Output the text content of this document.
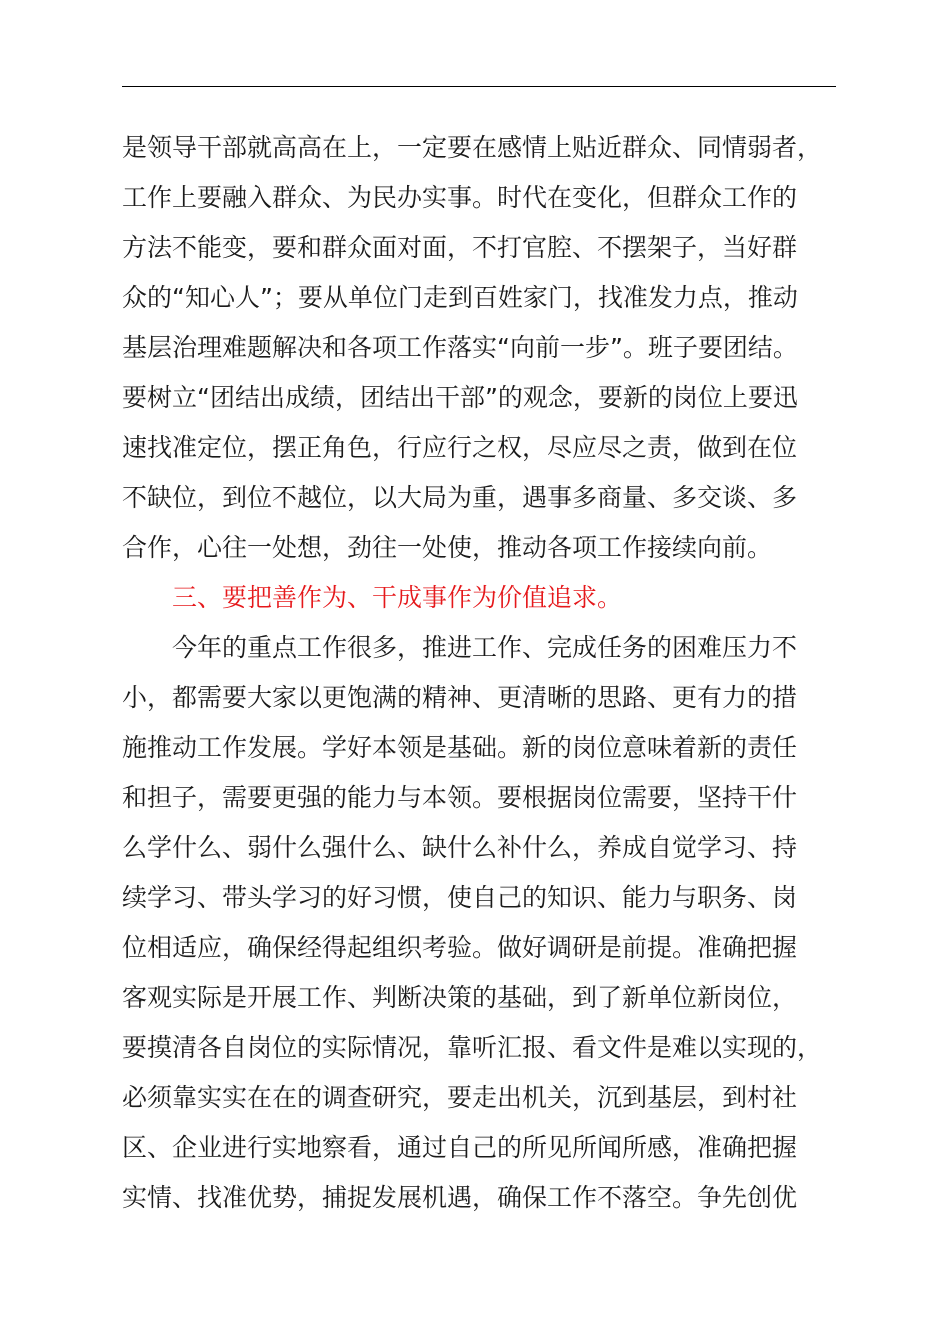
是领导干部就高高在上，一定要在感情上贴近群众、同情弱者，
工作上要融入群众、为民办实事。时代在变化，但群众工作的
方法不能变，要和群众面对面，不打官腔、不摆架子，当好群
众的“知心人”；要从单位门走到百姓家门，找准发力点，推动
基层治理难题解决和各项工作落实“向前一步”。班子要团结。
要树立“团结出成绩，团结出干部”的观念，要新的岗位上要迅
速找准定位，摆正角色，行应行之权，尽应尽之责，做到在位
不缺位，到位不越位，以大局为重，遇事多商量、多交谈、多
合作，心往一处想，劲往一处使，推动各项工作接续向前。
三、要把善作为、干成事作为价值追求。
今年的重点工作很多，推进工作、完成任务的困难压力不
小，都需要大家以更饱满的精神、更清晰的思路、更有力的措
施推动工作发展。学好本领是基础。新的岗位意味着新的责任
和担子，需要更强的能力与本领。要根据岗位需要，坚持干什
么学什么、弱什么强什么、缺什么补什么，养成自觉学习、持
续学习、带头学习的好习惯，使自己的知识、能力与职务、岗
位相适应，确保经得起组织考验。做好调研是前提。准确把握
客观实际是开展工作、判断决策的基础，到了新单位新岗位，
要摸清各自岗位的实际情况，靠听汇报、看文件是难以实现的，
必须靠实实在在的调查研究，要走出机关，沉到基层，到村社
区、企业进行实地察看，通过自己的所见所闻所感，准确把握
实情、找准优势，捕捉发展机遇，确保工作不落空。争先创优
